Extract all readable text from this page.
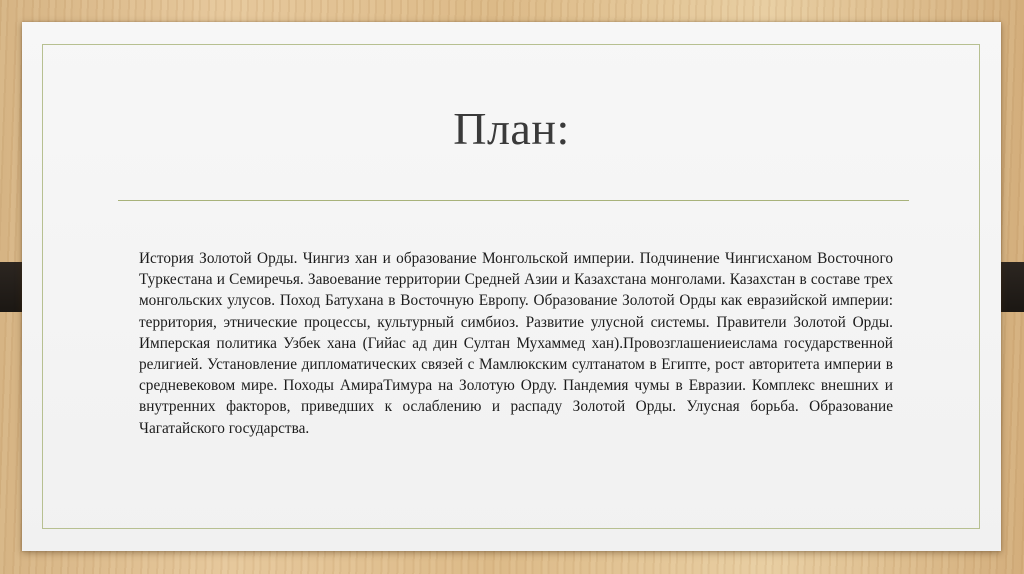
План:

История Золотой Орды. Чингиз хан и образование Монгольской империи. Подчинение Чингисханом Восточного Туркестана и Семиречья. Завоевание территории Средней Азии и Казахстана монголами. Казахстан в составе трех монгольских улусов. Поход Батухана в Восточную Европу. Образование Золотой Орды как евразийской империи: территория, этнические процессы, культурный симбиоз. Развитие улусной системы. Правители Золотой Орды. Имперская политика Узбек хана (Гийас ад дин Султан Мухаммед хан).Провозглашениеислама государственной религией. Установление дипломатических связей с Мамлюкским султанатом в Египте, рост авторитета империи в средневековом мире. Походы АмираТимура на Золотую Орду. Пандемия чумы в Евразии. Комплекс внешних и внутренних факторов, приведших к ослаблению и распаду Золотой Орды. Улусная борьба. Образование Чагатайского государства.
